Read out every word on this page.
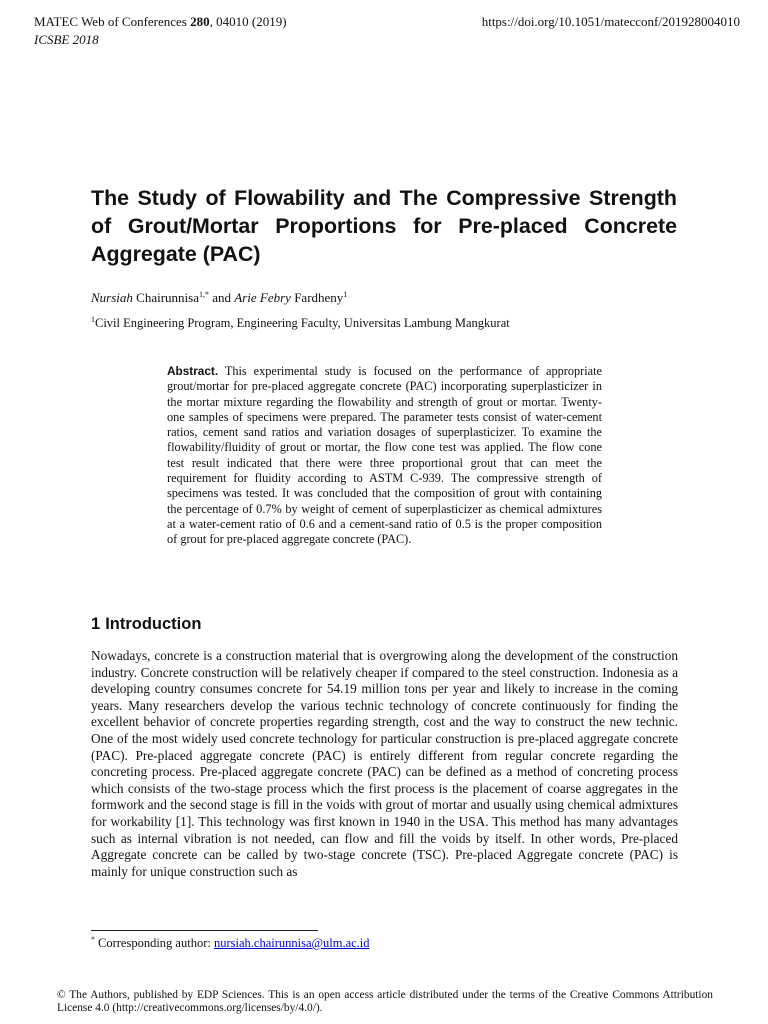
MATEC Web of Conferences 280, 04010 (2019)
ICSBE 2018
https://doi.org/10.1051/matecconf/201928004010
The Study of Flowability and The Compressive Strength of Grout/Mortar Proportions for Pre-placed Concrete Aggregate (PAC)
Nursiah Chairunnisa$^{1,*}$ and Arie Febry Fardheny$^1$
$^1$Civil Engineering Program, Engineering Faculty, Universitas Lambung Mangkurat

Abstract. This experimental study is focused on the performance of appropriate grout/mortar for pre-placed aggregate concrete (PAC) incorporating superplasticizer in the mortar mixture regarding the flowability and strength of grout or mortar. Twenty-one samples of specimens were prepared. The parameter tests consist of water-cement ratios, cement sand ratios and variation dosages of superplasticizer. To examine the flowability/fluidity of grout or mortar, the flow cone test was applied. The flow cone test result indicated that there were three proportional grout that can meet the requirement for fluidity according to ASTM C-939. The compressive strength of specimens was tested. It was concluded that the composition of grout with containing the percentage of 0.7% by weight of cement of superplasticizer as chemical admixtures at a water-cement ratio of 0.6 and a cement-sand ratio of 0.5 is the proper composition of grout for pre-placed aggregate concrete (PAC).

1 Introduction

Nowadays, concrete is a construction material that is overgrowing along the development of the construction industry. Concrete construction will be relatively cheaper if compared to the steel construction. Indonesia as a developing country consumes concrete for 54.19 million tons per year and likely to increase in the coming years. Many researchers develop the various technic technology of concrete continuously for finding the excellent behavior of concrete properties regarding strength, cost and the way to construct the new technic. One of the most widely used concrete technology for particular construction is pre-placed aggregate concrete (PAC). Pre-placed aggregate concrete (PAC) is entirely different from regular concrete regarding the concreting process. Pre-placed aggregate concrete (PAC) can be defined as a method of concreting process which consists of the two-stage process which the first process is the placement of coarse aggregates in the formwork and the second stage is fill in the voids with grout of mortar and usually using chemical admixtures for workability [1]. This technology was first known in 1940 in the USA. This method has many advantages such as internal vibration is not needed, can flow and fill the voids by itself. In other words, Pre-placed Aggregate concrete can be called by two-stage concrete (TSC). Pre-placed Aggregate concrete (PAC) is mainly for unique construction such as

* Corresponding author: nursiah.chairunnisa@ulm.ac.id

© The Authors, published by EDP Sciences. This is an open access article distributed under the terms of the Creative Commons Attribution License 4.0 (http://creativecommons.org/licenses/by/4.0/).
